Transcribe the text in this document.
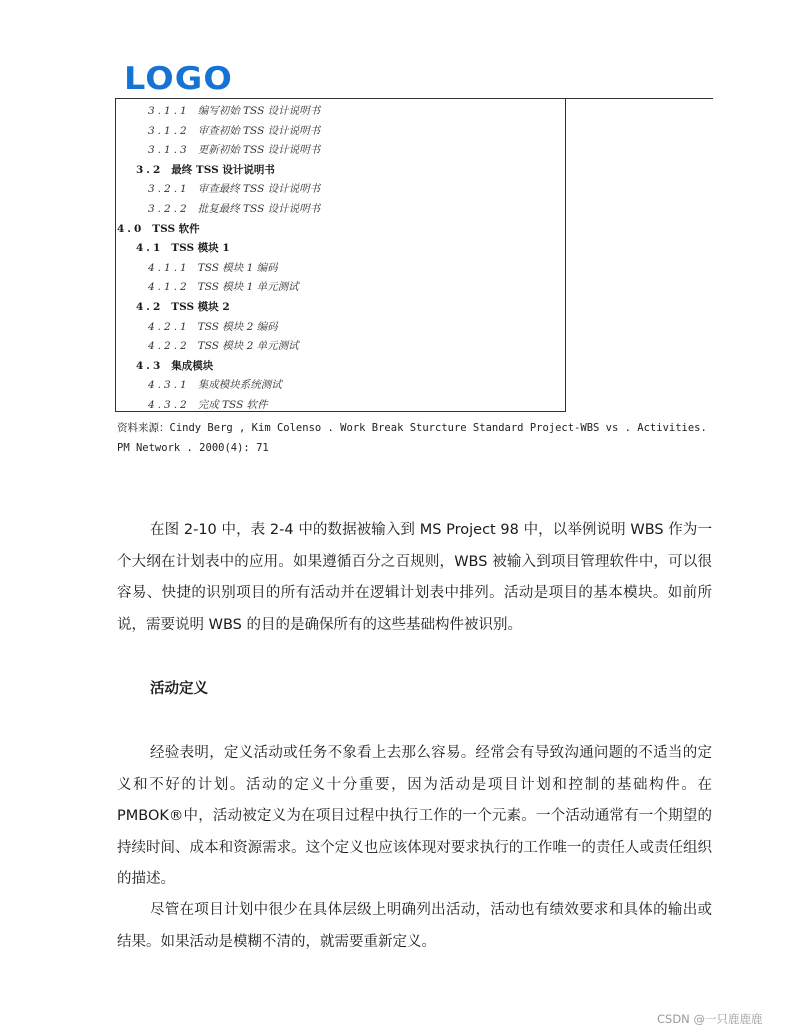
LOGO
3.1.1 编写初始 TSS 设计说明书
3.1.2 审查初始 TSS 设计说明书
3.1.3 更新初始 TSS 设计说明书
3.2 最终 TSS 设计说明书
3.2.1 审查最终 TSS 设计说明书
3.2.2 批复最终 TSS 设计说明书
4.0 TSS 软件
4.1 TSS 模块 1
4.1.1 TSS 模块 1 编码
4.1.2 TSS 模块 1 单元测试
4.2 TSS 模块 2
4.2.1 TSS 模块 2 编码
4.2.2 TSS 模块 2 单元测试
4.3 集成模块
4.3.1 集成模块系统测试
4.3.2 完成 TSS 软件
资料来源：Cindy Berg , Kim Colenso . Work Break Sturcture Standard Project-WBS vs . Activities. PM Network . 2000(4): 71
在图 2-10 中，表 2-4 中的数据被输入到 MS Project 98 中，以举例说明 WBS 作为一个大纲在计划表中的应用。如果遵循百分之百规则，WBS 被输入到项目管理软件中，可以很容易、快捷的识别项目的所有活动并在逻辑计划表中排列。活动是项目的基本模块。如前所说，需要说明 WBS 的目的是确保所有的这些基础构件被识别。
活动定义
经验表明，定义活动或任务不象看上去那么容易。经常会有导致沟通问题的不适当的定义和不好的计划。活动的定义十分重要，因为活动是项目计划和控制的基础构件。在 PMBOK®中，活动被定义为在项目过程中执行工作的一个元素。一个活动通常有一个期望的持续时间、成本和资源需求。这个定义也应该体现对要求执行的工作唯一的责任人或责任组织的描述。
尽管在项目计划中很少在具体层级上明确列出活动，活动也有绩效要求和具体的输出或结果。如果活动是模糊不清的，就需要重新定义。
CSDN @一只鹿鹿鹿
